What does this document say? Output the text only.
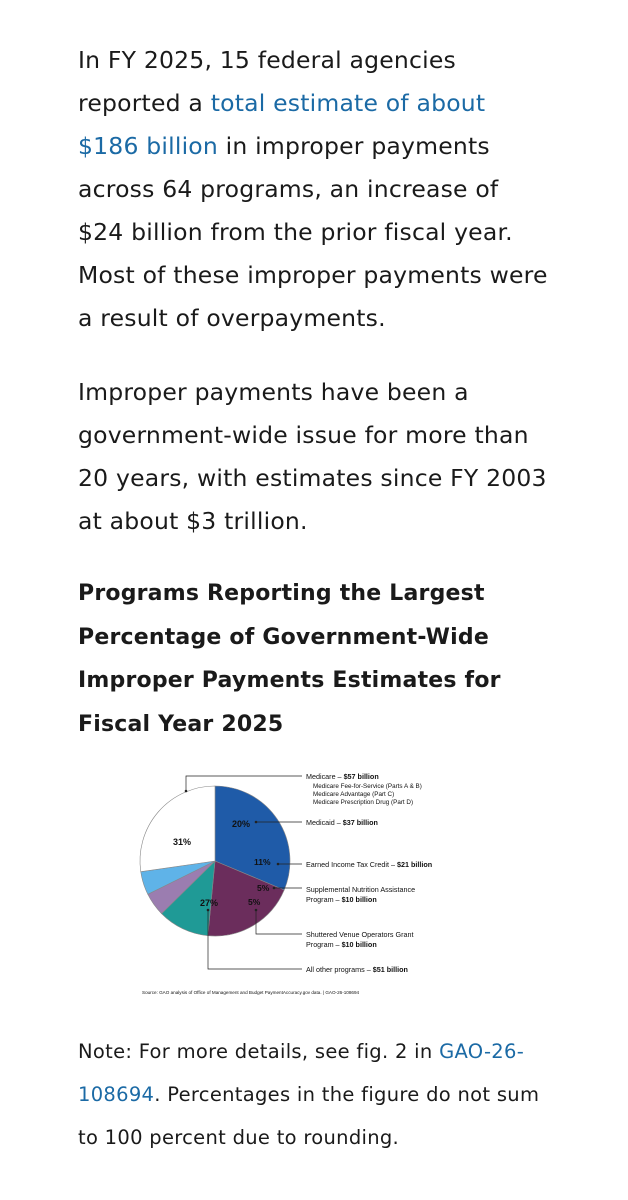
In FY 2025, 15 federal agencies reported a total estimate of about $186 billion in improper payments across 64 programs, an increase of $24 billion from the prior fiscal year. Most of these improper payments were a result of overpayments.

Improper payments have been a government-wide issue for more than 20 years, with estimates since FY 2003 at about $3 trillion.

Programs Reporting the Largest Percentage of Government-Wide Improper Payments Estimates for Fiscal Year 2025
31%
20%
11%
5%
5%
27%
Medicare – $57 billion
Medicare Fee-for-Service (Parts A & B)
Medicare Advantage (Part C)
Medicare Prescription Drug (Part D)
Medicaid – $37 billion
Earned Income Tax Credit – $21 billion
Supplemental Nutrition Assistance
Program – $10 billion
Shuttered Venue Operators Grant
Program – $10 billion
All other programs – $51 billion
Source: GAO analysis of Office of Management and Budget PaymentAccuracy.gov data. | GAO-26-108694

Note: For more details, see fig. 2 in GAO-26-108694. Percentages in the figure do not sum to 100 percent due to rounding.
